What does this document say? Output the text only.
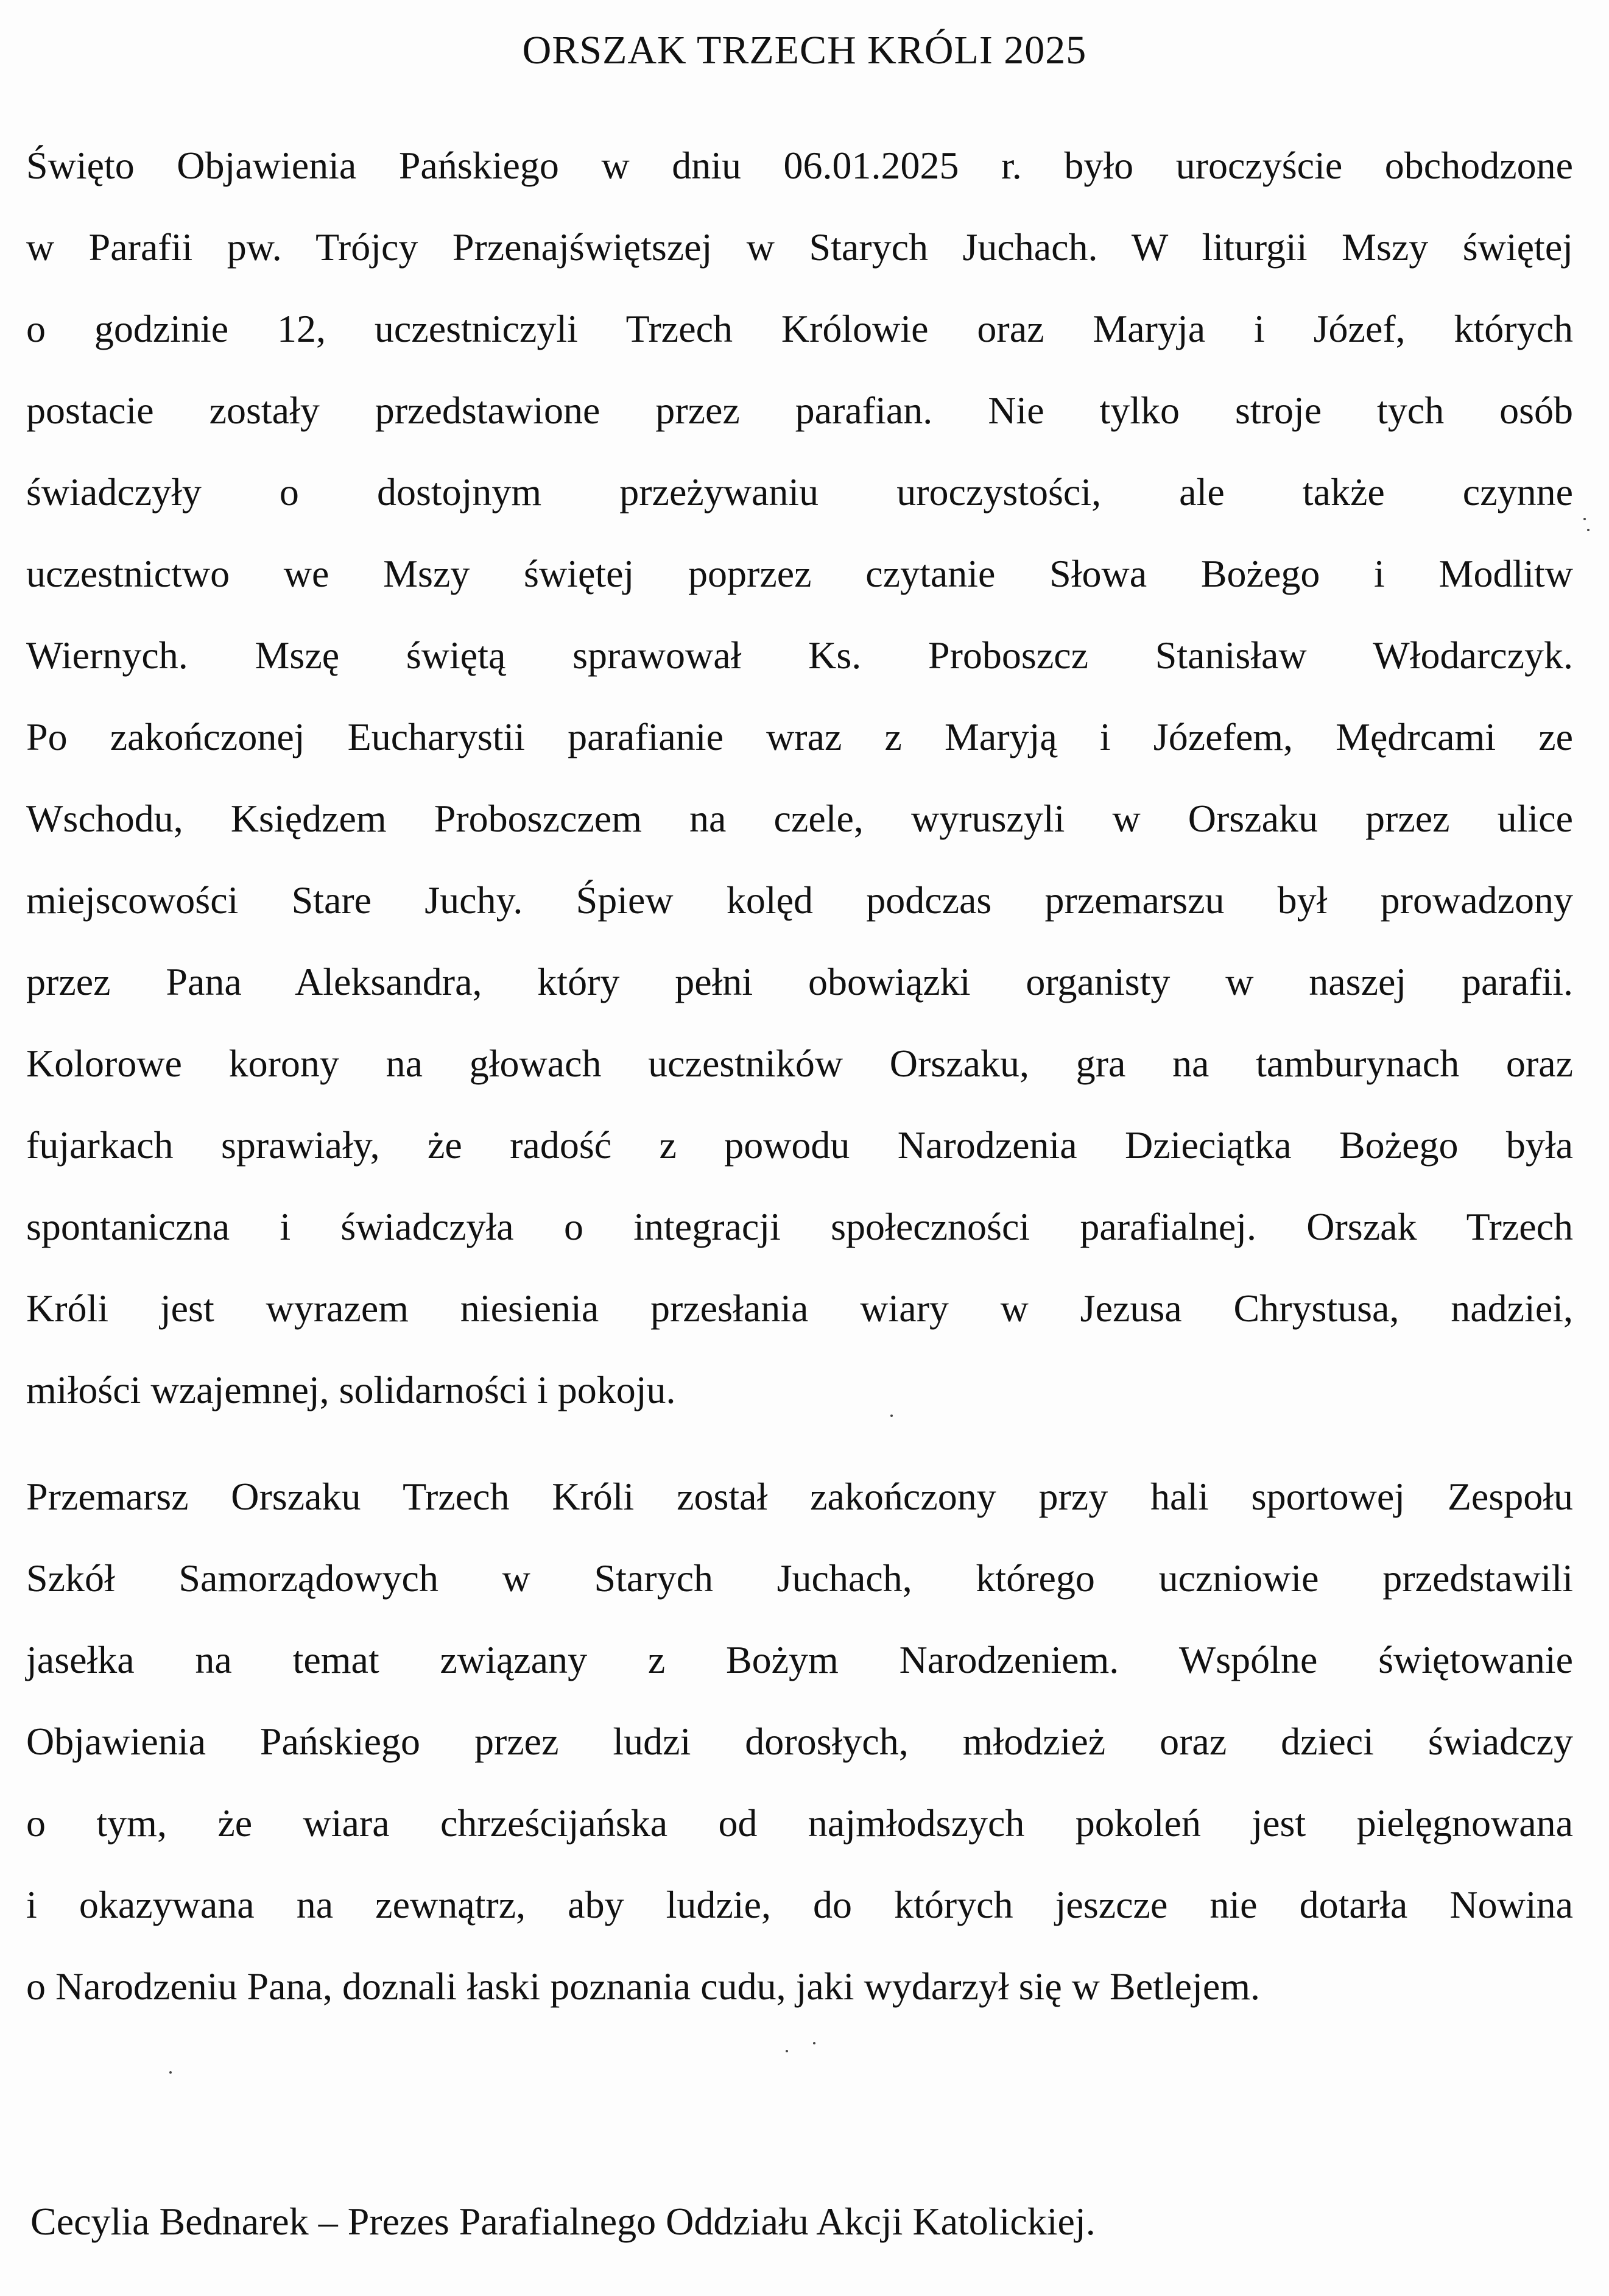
ORSZAK TRZECH KRÓLI 2025
Święto Objawienia Pańskiego w dniu 06.01.2025 r. było uroczyście obchodzone
w Parafii pw. Trójcy Przenajświętszej w Starych Juchach. W liturgii Mszy świętej
o godzinie 12, uczestniczyli Trzech Królowie oraz Maryja i Józef, których
postacie zostały przedstawione przez parafian. Nie tylko stroje tych osób
świadczyły o dostojnym przeżywaniu uroczystości, ale także czynne
uczestnictwo we Mszy świętej poprzez czytanie Słowa Bożego i Modlitw
Wiernych. Mszę świętą sprawował Ks. Proboszcz Stanisław Włodarczyk.
Po zakończonej Eucharystii parafianie wraz z Maryją i Józefem, Mędrcami ze
Wschodu, Księdzem Proboszczem na czele, wyruszyli w Orszaku przez ulice
miejscowości Stare Juchy. Śpiew kolęd podczas przemarszu był prowadzony
przez Pana Aleksandra, który pełni obowiązki organisty w naszej parafii.
Kolorowe korony na głowach uczestników Orszaku, gra na tamburynach oraz
fujarkach sprawiały, że radość z powodu Narodzenia Dzieciątka Bożego była
spontaniczna i świadczyła o integracji społeczności parafialnej. Orszak Trzech
Króli jest wyrazem niesienia przesłania wiary w Jezusa Chrystusa, nadziei,
miłości wzajemnej, solidarności i pokoju.
Przemarsz Orszaku Trzech Króli został zakończony przy hali sportowej Zespołu
Szkół Samorządowych w Starych Juchach, którego uczniowie przedstawili
jasełka na temat związany z Bożym Narodzeniem. Wspólne świętowanie
Objawienia Pańskiego przez ludzi dorosłych, młodzież oraz dzieci świadczy
o tym, że wiara chrześcijańska od najmłodszych pokoleń jest pielęgnowana
i okazywana na zewnątrz, aby ludzie, do których jeszcze nie dotarła Nowina
o Narodzeniu Pana, doznali łaski poznania cudu, jaki wydarzył się w Betlejem.
Cecylia Bednarek – Prezes Parafialnego Oddziału Akcji Katolickiej.
